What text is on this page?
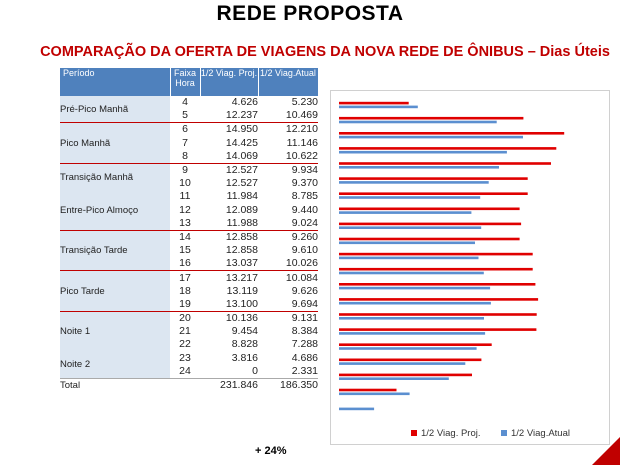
REDE PROPOSTA
COMPARAÇÃO DA OFERTA DE VIAGENS DA NOVA REDE DE ÔNIBUS – Dias Úteis
Período	Faixa Hora	1/2 Viag. Proj.	1/2 Viag.Atual
Pré-Pico Manhã	4	4.626	5.230
	5	12.237	10.469
Pico Manhã	6	14.950	12.210
	7	14.425	11.146
	8	14.069	10.622
Transição Manhã	9	12.527	9.934
	10	12.527	9.370
Entre-Pico Almoço	11	11.984	8.785
	12	12.089	9.440
	13	11.988	9.024
Transição Tarde	14	12.858	9.260
	15	12.858	9.610
	16	13.037	10.026
Pico Tarde	17	13.217	10.084
	18	13.119	9.626
	19	13.100	9.694
Noite 1	20	10.136	9.131
	21	9.454	8.384
	22	8.828	7.288
Noite 2	23	3.816	4.686
	24	0	2.331
Total		231.846	186.350
+ 24%
1/2 Viag. Proj.	1/2 Viag.Atual
